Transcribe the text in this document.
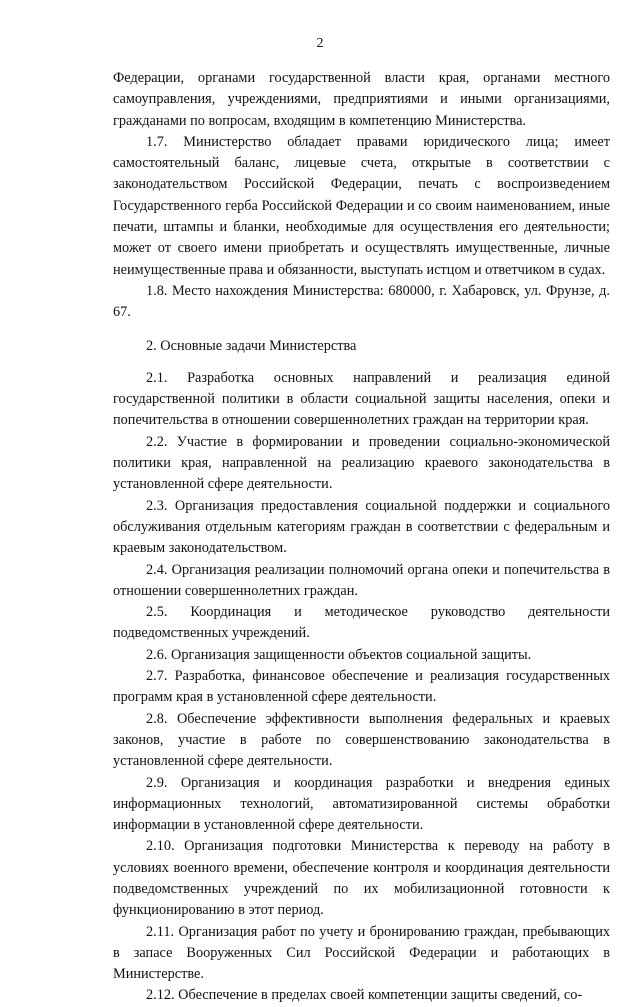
2

Федерации, органами государственной власти края, органами местного самоуправления, учреждениями, предприятиями и иными организациями, гражданами по вопросам, входящим в компетенцию Министерства.

1.7. Министерство обладает правами юридического лица; имеет самостоятельный баланс, лицевые счета, открытые в соответствии с законодательством Российской Федерации, печать с воспроизведением Государственного герба Российской Федерации и со своим наименованием, иные печати, штампы и бланки, необходимые для осуществления его деятельности; может от своего имени приобретать и осуществлять имущественные, личные неимущественные права и обязанности, выступать истцом и ответчиком в судах.

1.8. Место нахождения Министерства: 680000, г. Хабаровск, ул. Фрунзе, д. 67.

2. Основные задачи Министерства

2.1. Разработка основных направлений и реализация единой государственной политики в области социальной защиты населения, опеки и попечительства в отношении совершеннолетних граждан на территории края.

2.2. Участие в формировании и проведении социально-экономической политики края, направленной на реализацию краевого законодательства в установленной сфере деятельности.

2.3. Организация предоставления социальной поддержки и социального обслуживания отдельным категориям граждан в соответствии с федеральным и краевым законодательством.

2.4. Организация реализации полномочий органа опеки и попечительства в отношении совершеннолетних граждан.

2.5. Координация и методическое руководство деятельности подведомственных учреждений.

2.6. Организация защищенности объектов социальной защиты.

2.7. Разработка, финансовое обеспечение и реализация государственных программ края в установленной сфере деятельности.

2.8. Обеспечение эффективности выполнения федеральных и краевых законов, участие в работе по совершенствованию законодательства в установленной сфере деятельности.

2.9. Организация и координация разработки и внедрения единых информационных технологий, автоматизированной системы обработки информации в установленной сфере деятельности.

2.10. Организация подготовки Министерства к переводу на работу в условиях военного времени, обеспечение контроля и координация деятельности подведомственных учреждений по их мобилизационной готовности к функционированию в этот период.

2.11. Организация работ по учету и бронированию граждан, пребывающих в запасе Вооруженных Сил Российской Федерации и работающих в Министерстве.

2.12. Обеспечение в пределах своей компетенции защиты сведений, со-
